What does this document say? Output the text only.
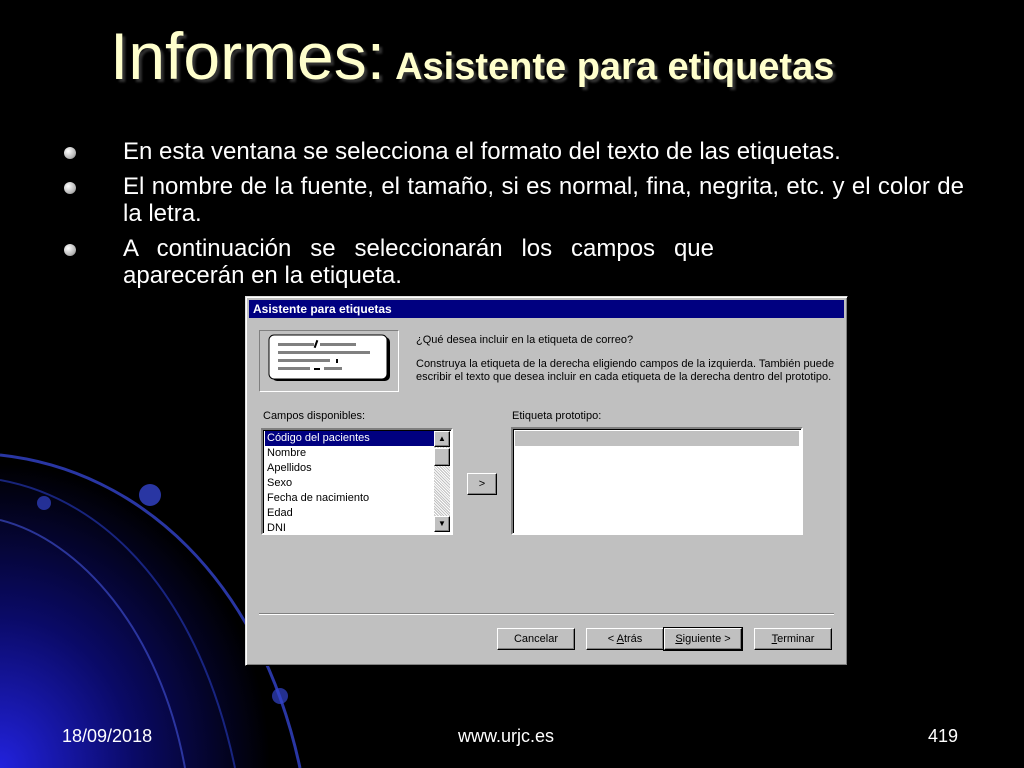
Informes: Asistente para etiquetas
En esta ventana se selecciona el formato del texto de las etiquetas.
El nombre de la fuente, el tamaño, si es normal, fina, negrita, etc. y el color de la letra.
A continuación se seleccionarán los campos que aparecerán en la etiqueta.
Asistente para etiquetas

¿Qué desea incluir en la etiqueta de correo?

Construya la etiqueta de la derecha eligiendo campos de la izquierda. También puede escribir el texto que desea incluir en cada etiqueta de la derecha dentro del prototipo.

Campos disponibles:	Etiqueta prototipo:
Código del pacientes
Nombre
Apellidos
Sexo
Fecha de nacimiento
Edad
DNI
▲
▼
>
Cancelar	< Atrás	Siguiente >	Terminar
18/09/2018	www.urjc.es	419
